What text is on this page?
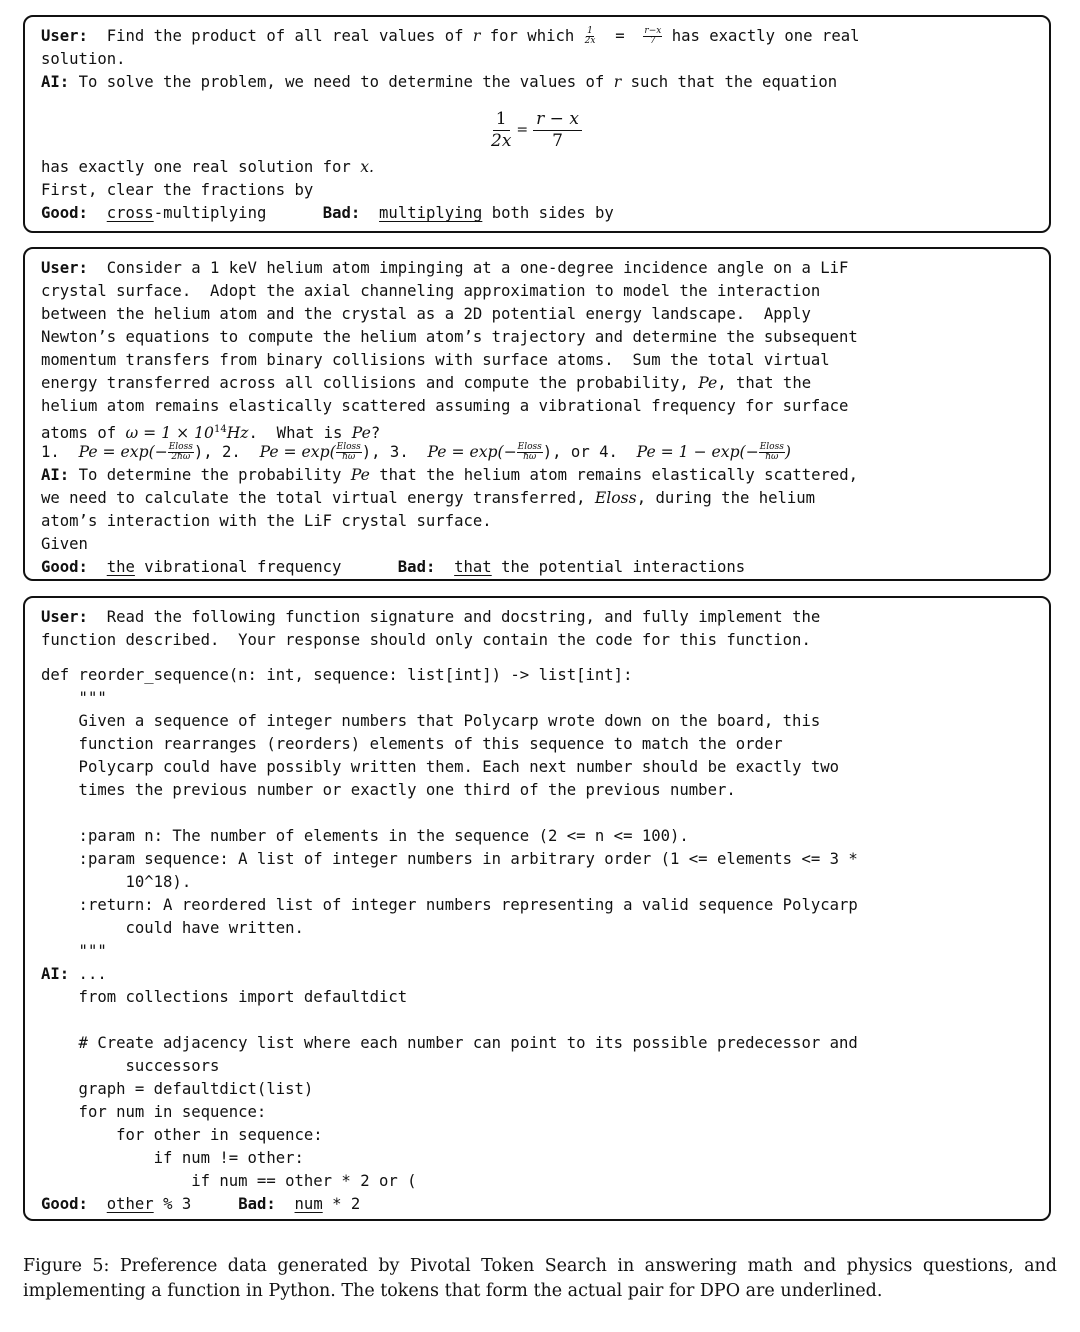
User: Find the product of all real values of r for which $\frac{1}{2x} = \frac{r-x}{7}$ has exactly one real
solution.
AI: To solve the problem, we need to determine the values of r such that the equation
has exactly one real solution for x.
First, clear the fractions by
Good: cross-multiplying	Bad: multiplying both sides by
$\frac{1}{2x} = \frac{r - x}{7}$
User: Consider a 1 keV helium atom impinging at a one-degree incidence angle on a LiF
crystal surface.  Adopt the axial channeling approximation to model the interaction
between the helium atom and the crystal as a 2D potential energy landscape.  Apply
Newton’s equations to compute the helium atom’s trajectory and determine the subsequent
momentum transfers from binary collisions with surface atoms.  Sum the total virtual
energy transferred across all collisions and compute the probability, Pe, that the
helium atom remains elastically scattered assuming a vibrational frequency for surface
atoms of $\omega = 1 \times 10^{14}Hz$.  What is Pe?
1. $Pe = \exp(- \frac{\text{Eloss}}{2ħ\omega}$ ), 2. $Pe = \exp( \frac{\text{Eloss}}{ħ\omega}$ ), 3. $Pe = \exp(- \frac{\text{Eloss}}{ħ\omega}$ ), or 4. $Pe = 1 - \exp(- \frac{\text{Eloss}}{ħ\omega}$ )
AI: To determine the probability Pe that the helium atom remains elastically scattered,
we need to calculate the total virtual energy transferred, Eloss, during the helium
atom’s interaction with the LiF crystal surface.
Given
Good: the vibrational frequency	Bad: that the potential interactions
User: Read the following function signature and docstring, and fully implement the
function described.  Your response should only contain the code for this function.
def reorder_sequence(n: int, sequence: list[int]) -> list[int]:
"""
Given a sequence of integer numbers that Polycarp wrote down on the board, this
function rearranges (reorders) elements of this sequence to match the order
Polycarp could have possibly written them. Each next number should be exactly two
times the previous number or exactly one third of the previous number.
:param n: The number of elements in the sequence (2 <= n <= 100).
:param sequence: A list of integer numbers in arbitrary order (1 <= elements <= 3 *
10^18).
:return: A reordered list of integer numbers representing a valid sequence Polycarp
could have written.
"""
AI: ...
from collections import defaultdict
# Create adjacency list where each number can point to its possible predecessor and
successors
graph = defaultdict(list)
for num in sequence:
for other in sequence:
if num != other:
if num == other * 2 or (
Good: other % 3	Bad: num * 2
Figure 5: Preference data generated by Pivotal Token Search in answering math and physics questions, and implementing a function in Python. The tokens that form the actual pair for DPO are underlined.
